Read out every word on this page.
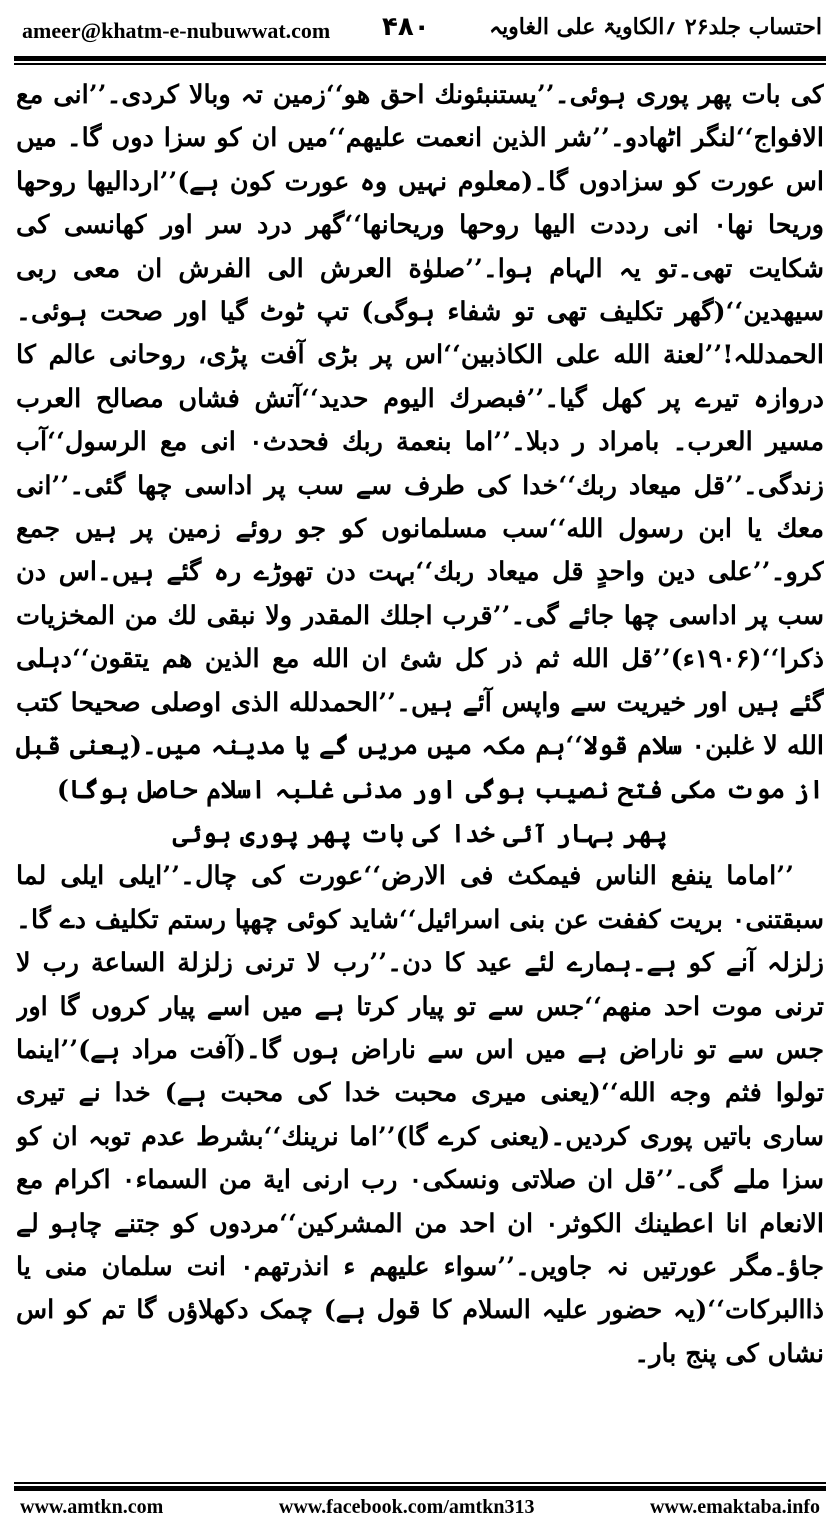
ameer@khatm-e-nubuwwat.com ۴۸۰	احتساب جلد۲۶ ؍الکاویۃ علی الغاویہ

کی بات پھر پوری ہوئی۔’’یستنبئونك احق هو‘‘زمین تہ وبالا کردی۔’’انی مع الافواج‘‘لنگر اٹھادو۔’’شر الذین انعمت علیهم‘‘میں ان کو سزا دوں گا۔ میں اس عورت کو سزادوں گا۔(معلوم نہیں وہ عورت کون ہے)’’اردالیها روحها وریحا نها۰ انی رددت الیها روحها وریحانها‘‘گھر درد سر اور کھانسی کی شکایت تھی۔تو یہ الہام ہوا۔’’صلوٰة العرش الی الفرش ان معی ربی سیهدین‘‘(گھر تکلیف تھی تو شفاء ہوگی) تپ ٹوٹ گیا اور صحت ہوئی۔الحمدللہ!’’لعنة الله علی الکاذبین‘‘اس پر بڑی آفت پڑی، روحانی عالم کا دروازہ تیرے پر کھل گیا۔’’فبصرك الیوم حدید‘‘آتش فشاں مصالح العرب مسیر العرب۔ بامراد ر دبلا۔’’اما بنعمة ربك فحدث۰ انی مع الرسول‘‘آب زندگی۔’’قل میعاد ربك‘‘خدا کی طرف سے سب پر اداسی چھا گئی۔’’انی معك یا ابن رسول الله‘‘سب مسلمانوں کو جو روئے زمین پر ہیں جمع کرو۔’’علی دین واحدٍ قل میعاد ربك‘‘بہت دن تھوڑے رہ گئے ہیں۔اس دن سب پر اداسی چھا جائے گی۔’’قرب اجلك المقدر ولا نبقی لك من المخزیات ذكرا‘‘(۱۹۰۶ء)’’قل الله ثم ذر كل شئ ان الله مع الذین هم یتقون‘‘دہلی گئے ہیں اور خیریت سے واپس آئے ہیں۔’’الحمدلله الذی اوصلی صحیحا كتب الله لا غلبن۰ سلام قولا‘‘ہم مکہ میں مریں گے یا مدینہ میں۔(یعنی قبل از موت مکی فتح نصیب ہوگی اور مدنی غلبہ اسلام حاصل ہوگا)

پھر بہار آئی خدا کی بات پھر پوری ہوئی

’’اماما ینفع الناس فیمكث فی الارض‘‘عورت کی چال۔’’ایلی ایلی لما سبقتنی۰ بریت كففت عن بنی اسرائیل‘‘شاید کوئی چھپا رستم تکلیف دے گا۔زلزلہ آنے کو ہے۔ہمارے لئے عید کا دن۔’’رب لا ترنی زلزلة الساعة رب لا ترنی موت احد منهم‘‘جس سے تو پیار کرتا ہے میں اسے پیار کروں گا اور جس سے تو ناراض ہے میں اس سے ناراض ہوں گا۔(آفت مراد ہے)’’اینما تولوا فثم وجه الله‘‘(یعنی میری محبت خدا کی محبت ہے) خدا نے تیری ساری باتیں پوری کردیں۔(یعنی کرے گا)’’اما نرینك‘‘بشرط عدم توبہ ان کو سزا ملے گی۔’’قل ان صلاتی ونسكی۰ رب ارنی ایة من السماء۰ اكرام مع الانعام انا اعطینك الكوثر۰ ان احد من المشركین‘‘مردوں کو جتنے چاہو لے جاؤ۔مگر عورتیں نہ جاویں۔’’سواء علیهم ء انذرتهم۰ انت سلمان منی یا ذاالبركات‘‘(یہ حضور علیہ السلام کا قول ہے) چمک دکھلاؤں گا تم کو اس نشاں کی پنج بار۔

www.amtkn.com	www.facebook.com/amtkn313	www.emaktaba.info
